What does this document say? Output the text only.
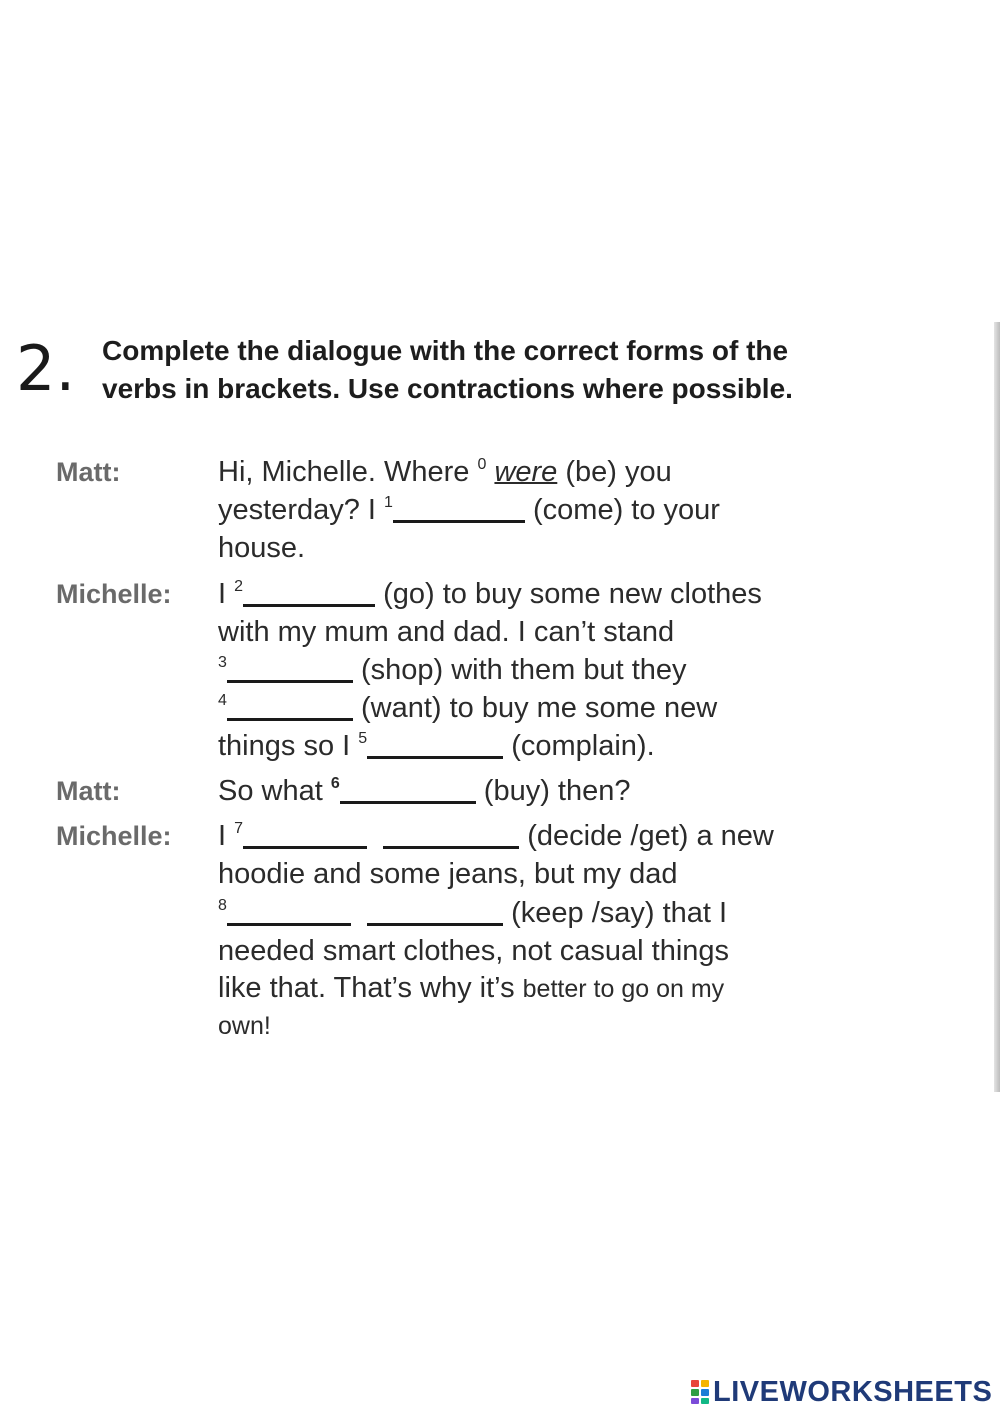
2. Complete the dialogue with the correct forms of the verbs in brackets. Use contractions where possible.
Matt:	Hi, Michelle. Where $^0$ were (be) you
yesterday? I $^1$	(come) to your
house.
Michelle: I $^2$	(go) to buy some new clothes
with my mum and dad. I can’t stand
$^3$	(shop) with them but they
$^4$	(want) to buy me some new
things so I $^5$	(complain).
Matt:	So what $^6$	(buy) then?
Michelle: I $^7$	(decide /get) a new
hoodie and some jeans, but my dad
$^8$	(keep /say) that I
needed smart clothes, not casual things
like that. That’s why it’s better to go on my
own!
LIVEWORKSHEETS
